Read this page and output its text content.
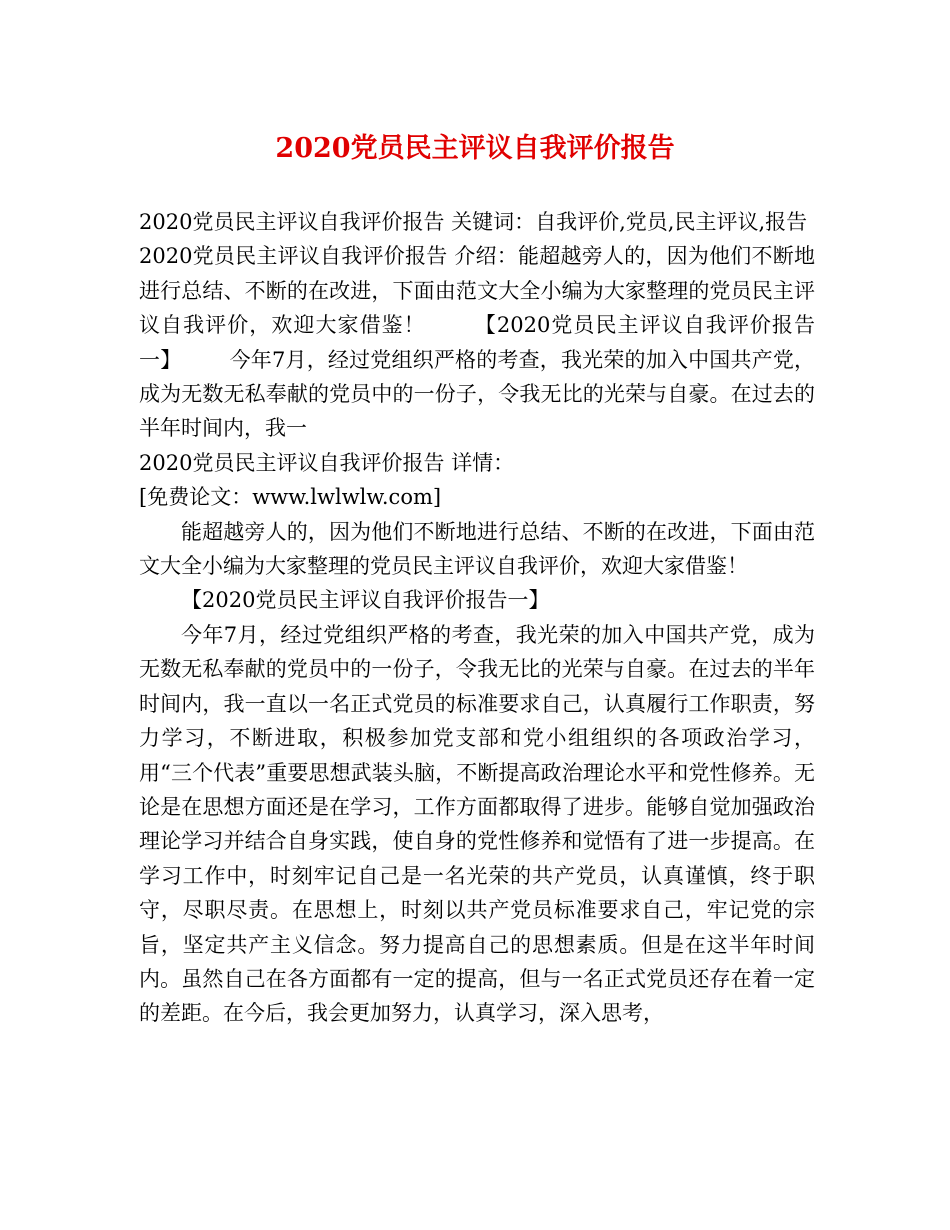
2020党员民主评议自我评价报告

2020党员民主评议自我评价报告 关键词：自我评价,党员,民主评议,报告

2020党员民主评议自我评价报告 介绍：能超越旁人的，因为他们不断地进行总结、不断的在改进，下面由范文大全小编为大家整理的党员民主评议自我评价，欢迎大家借鉴！ 【2020党员民主评议自我评价报告一】 今年7月，经过党组织严格的考查，我光荣的加入中国共产党，成为无数无私奉献的党员中的一份子，令我无比的光荣与自豪。在过去的半年时间内，我一

2020党员民主评议自我评价报告 详情：

[免费论文：www.lwlwlw.com]

能超越旁人的，因为他们不断地进行总结、不断的在改进，下面由范文大全小编为大家整理的党员民主评议自我评价，欢迎大家借鉴！

【2020党员民主评议自我评价报告一】

今年7月，经过党组织严格的考查，我光荣的加入中国共产党，成为无数无私奉献的党员中的一份子，令我无比的光荣与自豪。在过去的半年时间内，我一直以一名正式党员的标准要求自己，认真履行工作职责，努力学习，不断进取，积极参加党支部和党小组组织的各项政治学习，用“三个代表”重要思想武装头脑，不断提高政治理论水平和党性修养。无论是在思想方面还是在学习，工作方面都取得了进步。能够自觉加强政治理论学习并结合自身实践，使自身的党性修养和觉悟有了进一步提高。在学习工作中，时刻牢记自己是一名光荣的共产党员，认真谨慎，终于职守，尽职尽责。在思想上，时刻以共产党员标准要求自己，牢记党的宗旨，坚定共产主义信念。努力提高自己的思想素质。但是在这半年时间内。虽然自己在各方面都有一定的提高，但与一名正式党员还存在着一定的差距。在今后，我会更加努力，认真学习，深入思考，
